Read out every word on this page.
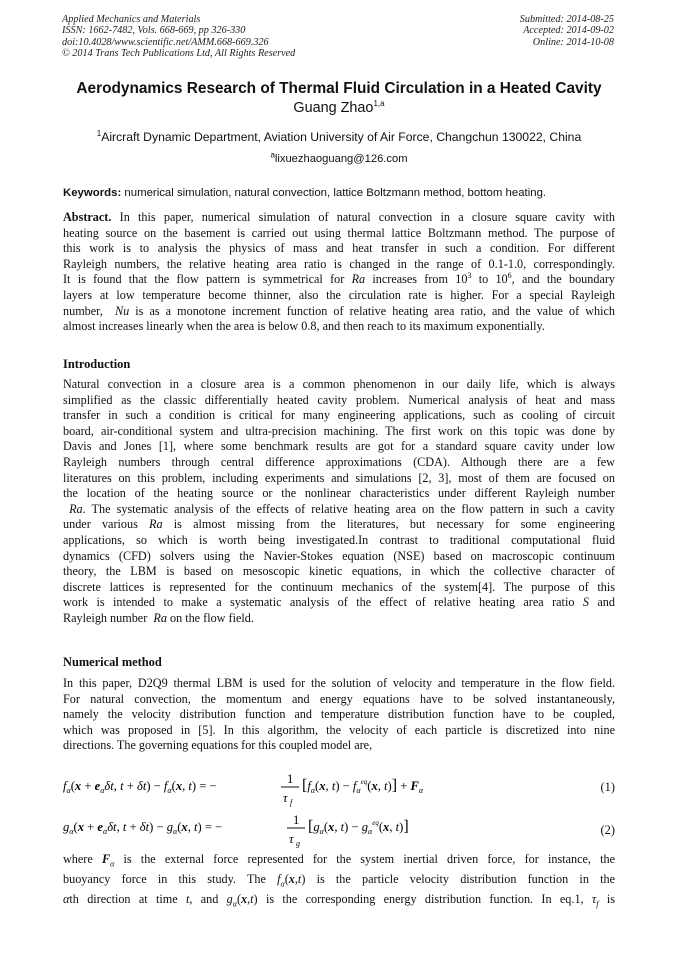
Applied Mechanics and Materials
ISSN: 1662-7482, Vols. 668-669, pp 326-330
doi:10.4028/www.scientific.net/AMM.668-669.326
© 2014 Trans Tech Publications Ltd, All Rights Reserved
Submitted: 2014-08-25
Accepted: 2014-09-02
Online: 2014-10-08
Aerodynamics Research of Thermal Fluid Circulation in a Heated Cavity
Guang Zhao$^{1,a}$
$^1$Aircraft Dynamic Department, Aviation University of Air Force, Changchun 130022, China
$^a$lixuezhaoguang@126.com
Keywords: numerical simulation, natural convection, lattice Boltzmann method, bottom heating.
Abstract. In this paper, numerical simulation of natural convection in a closure square cavity with
heating source on the basement is carried out using thermal lattice Boltzmann method. The purpose of
this work is to analysis the physics of mass and heat transfer in such a condition. For different
Rayleigh numbers, the relative heating area ratio is changed in the range of 0.1-1.0, correspondingly.
It is found that the flow pattern is symmetrical for Ra increases from $10^3$ to $10^6$, and the boundary
layers at low temperature become thinner, also the circulation rate is higher. For a special Rayleigh
number, Nu is as a monotone increment function of relative heating area ratio, and the value of which
almost increases linearly when the area is below 0.8, and then reach to its maximum exponentially.
Introduction
Natural convection in a closure area is a common phenomenon in our daily life, which is always
simplified as the classic differentially heated cavity problem. Numerical analysis of heat and mass
transfer in such a condition is critical for many engineering applications, such as cooling of circuit
board, air-conditional system and ultra-precision machining. The first work on this topic was done by
Davis and Jones [1], where some benchmark results are got for a standard square cavity under low
Rayleigh numbers through central difference approximations (CDA). Although there are a few
literatures on this problem, including experiments and simulations [2, 3], most of them are focused on
the location of the heating source or the nonlinear characteristics under different Rayleigh number
Ra. The systematic analysis of the effects of relative heating area on the flow pattern in such a cavity
under various Ra is almost missing from the literatures, but necessary for some engineering
applications, so which is worth being investigated.In contrast to traditional computational fluid
dynamics (CFD) solvers using the Navier-Stokes equation (NSE) based on macroscopic continuum
theory, the LBM is based on mesoscopic kinetic equations, in which the collective character of
discrete lattices is represented for the continuum mechanics of the system[4]. The purpose of this
work is intended to make a systematic analysis of the effect of relative heating area ratio S and
Rayleigh number Ra on the flow field.
Numerical method
In this paper, D2Q9 thermal LBM is used for the solution of velocity and temperature in the flow field.
For natural convection, the momentum and energy equations have to be solved instantaneously,
namely the velocity distribution function and temperature distribution function have to be coupled,
which was proposed in [5]. In this algorithm, the velocity of each particle is discretized into nine
directions. The governing equations for this coupled model are,
$f_\alpha(x + e_\alpha\delta t$, $t + \delta t) - f_\alpha(x$, t) = −	1
τ f
[$f_\alpha(x$, $t) - f_\alpha^{eq}(x$, $t)] + F_\alpha$	(1)
$g_\alpha(x + e_\alpha\delta t$, $t + \delta t) - g_\alpha(x$, t) = −	1
τ g
[$g_\alpha(x$, $t) - g_\alpha^{eq}(x$, t)]	(2)
where $F_\alpha$ is the external force represented for the system inertial driven force, for instance, the
buoyancy force in this study. The $f_\alpha(x,t)$ is the particle velocity distribution function in the
αth direction at time t, and $g_\alpha(x,t)$ is the corresponding energy distribution function. In eq.1, $\tau_f$ is
